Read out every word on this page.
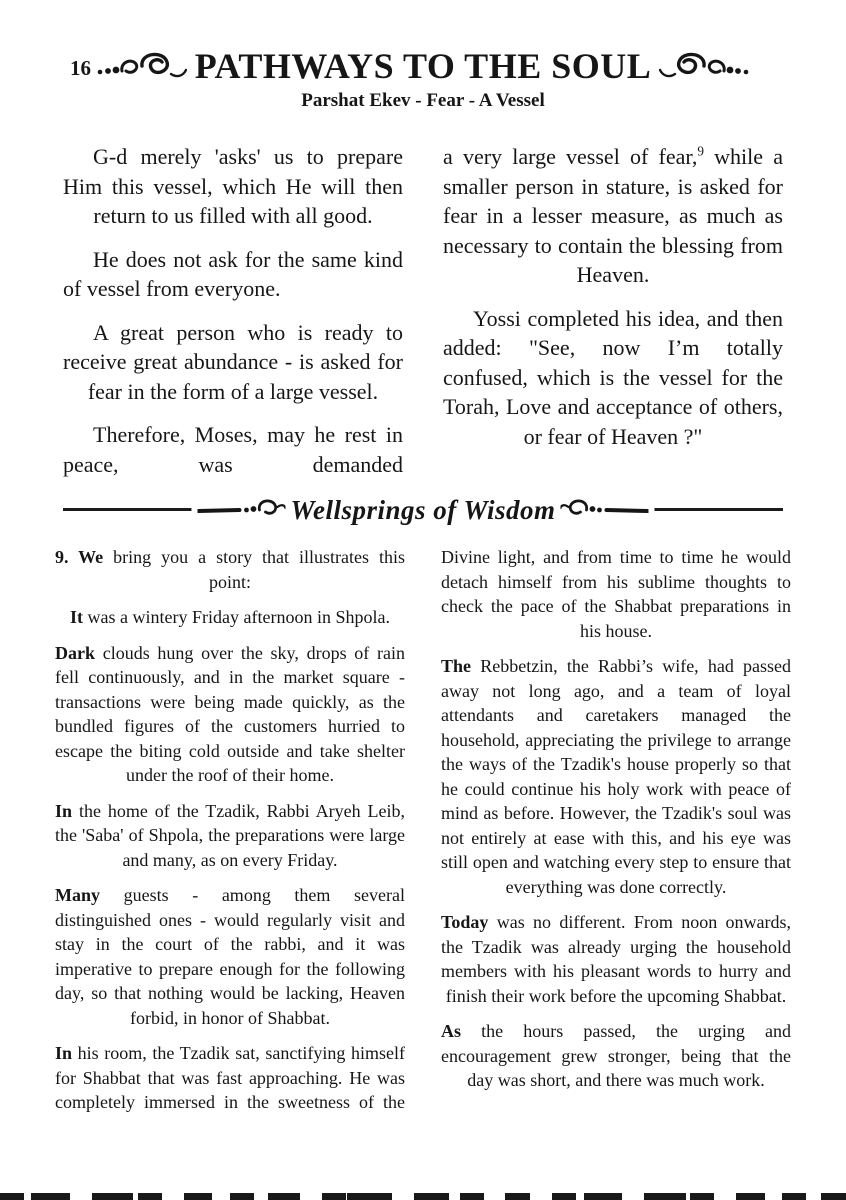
16	PATHWAYS TO THE SOUL
Parshat Ekev - Fear - A Vessel

G-d merely 'asks' us to prepare Him this vessel, which He will then return to us filled with all good.

He does not ask for the same kind of vessel from everyone.

A great person who is ready to receive great abundance - is asked for fear in the form of a large vessel.

Therefore, Moses, may he rest in peace, was demanded

a very large vessel of fear,$^9$ while a smaller person in stature, is asked for fear in a lesser measure, as much as necessary to contain the blessing from Heaven.

Yossi completed his idea, and then added: "See, now I’m totally confused, which is the vessel for the Torah, Love and acceptance of others, or fear of Heaven ?"

Wellsprings of Wisdom

9. We bring you a story that illustrates this point:

It was a wintery Friday afternoon in Shpola.

Dark clouds hung over the sky, drops of rain fell continuously, and in the market square - transactions were being made quickly, as the bundled figures of the customers hurried to escape the biting cold outside and take shelter under the roof of their home.

In the home of the Tzadik, Rabbi Aryeh Leib, the 'Saba' of Shpola, the preparations were large and many, as on every Friday.

Many guests - among them several distinguished ones - would regularly visit and stay in the court of the rabbi, and it was imperative to prepare enough for the following day, so that nothing would be lacking, Heaven forbid, in honor of Shabbat.

In his room, the Tzadik sat, sanctifying himself for Shabbat that was fast approaching. He was completely immersed in the sweetness of the

Divine light, and from time to time he would detach himself from his sublime thoughts to check the pace of the Shabbat preparations in his house.

The Rebbetzin, the Rabbi’s wife, had passed away not long ago, and a team of loyal attendants and caretakers managed the household, appreciating the privilege to arrange the ways of the Tzadik's house properly so that he could continue his holy work with peace of mind as before. However, the Tzadik's soul was not entirely at ease with this, and his eye was still open and watching every step to ensure that everything was done correctly.

Today was no different. From noon onwards, the Tzadik was already urging the household members with his pleasant words to hurry and finish their work before the upcoming Shabbat.

As the hours passed, the urging and encouragement grew stronger, being that the day was short, and there was much work.
